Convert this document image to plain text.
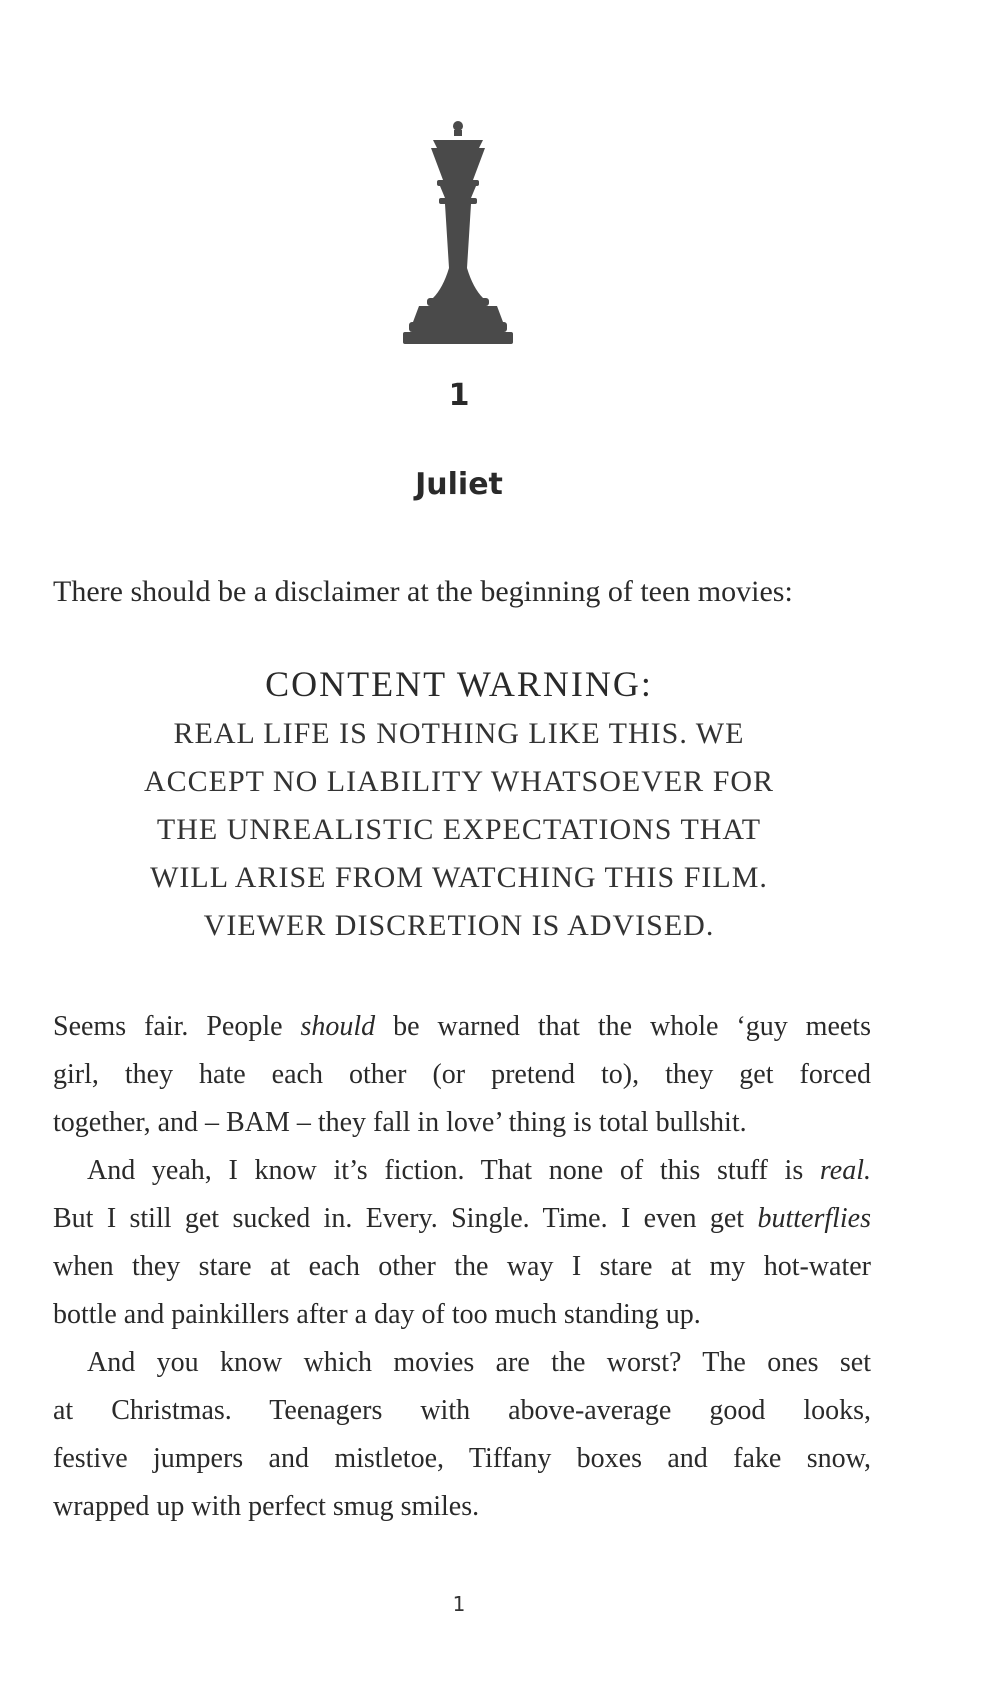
1
Juliet
There should be a disclaimer at the beginning of teen movies:
CONTENT WARNING:
REAL LIFE IS NOTHING LIKE THIS. WE
ACCEPT NO LIABILITY WHATSOEVER FOR
THE UNREALISTIC EXPECTATIONS THAT
WILL ARISE FROM WATCHING THIS FILM.
VIEWER DISCRETION IS ADVISED.

Seems fair. People should be warned that the whole ‘guy meets
girl, they hate each other (or pretend to), they get forced
together, and – BAM – they fall in love’ thing is total bullshit.

And yeah, I know it’s fiction. That none of this stuff is real.
But I still get sucked in. Every. Single. Time. I even get butterflies
when they stare at each other the way I stare at my hot-water
bottle and painkillers after a day of too much standing up.

And you know which movies are the worst? The ones set
at Christmas. Teenagers with above-average good looks,
festive jumpers and mistletoe, Tiffany boxes and fake snow,
wrapped up with perfect smug smiles.

1
